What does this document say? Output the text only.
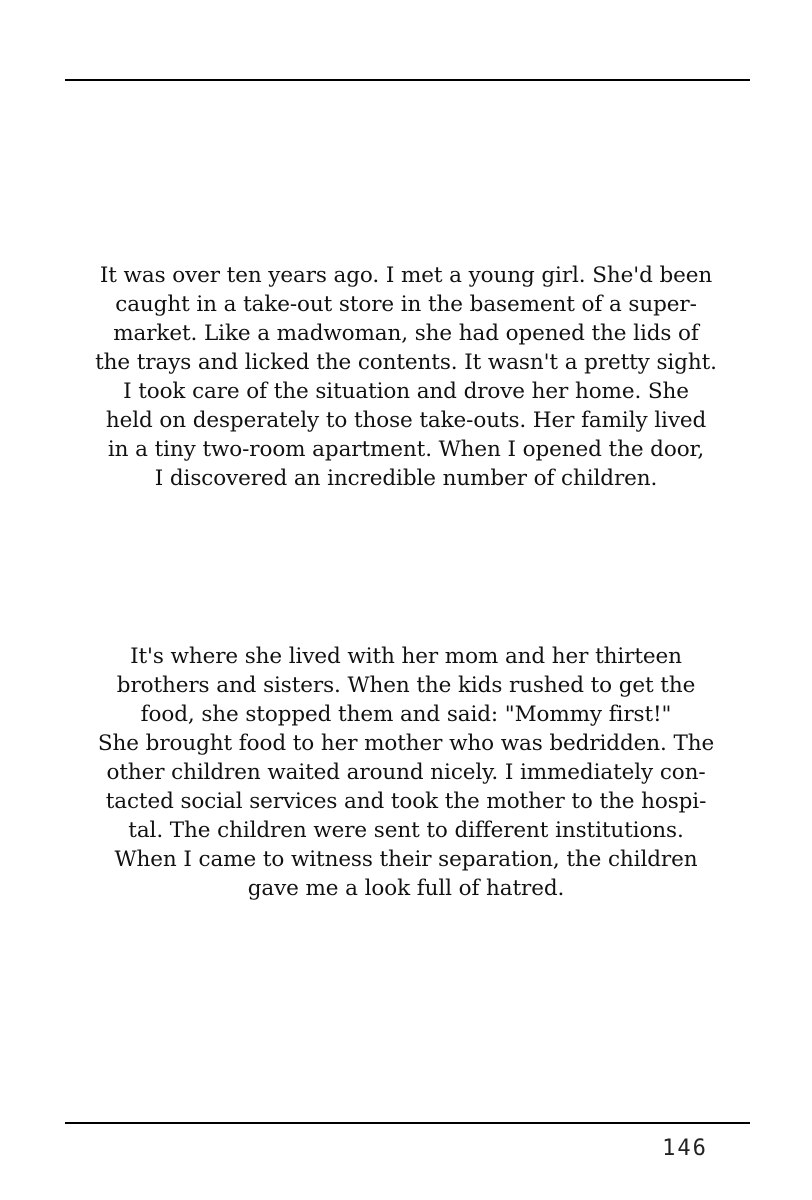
It was over ten years ago. I met a young girl. She'd been
caught in a take-out store in the basement of a super-
market. Like a madwoman, she had opened the lids of
the trays and licked the contents. It wasn't a pretty sight.
I took care of the situation and drove her home. She
held on desperately to those take-outs. Her family lived
in a tiny two-room apartment. When I opened the door,
I discovered an incredible number of children.

It's where she lived with her mom and her thirteen
brothers and sisters. When the kids rushed to get the
food, she stopped them and said: "Mommy first!"
She brought food to her mother who was bedridden. The
other children waited around nicely. I immediately con-
tacted social services and took the mother to the hospi-
tal. The children were sent to different institutions.
When I came to witness their separation, the children
gave me a look full of hatred.

146
